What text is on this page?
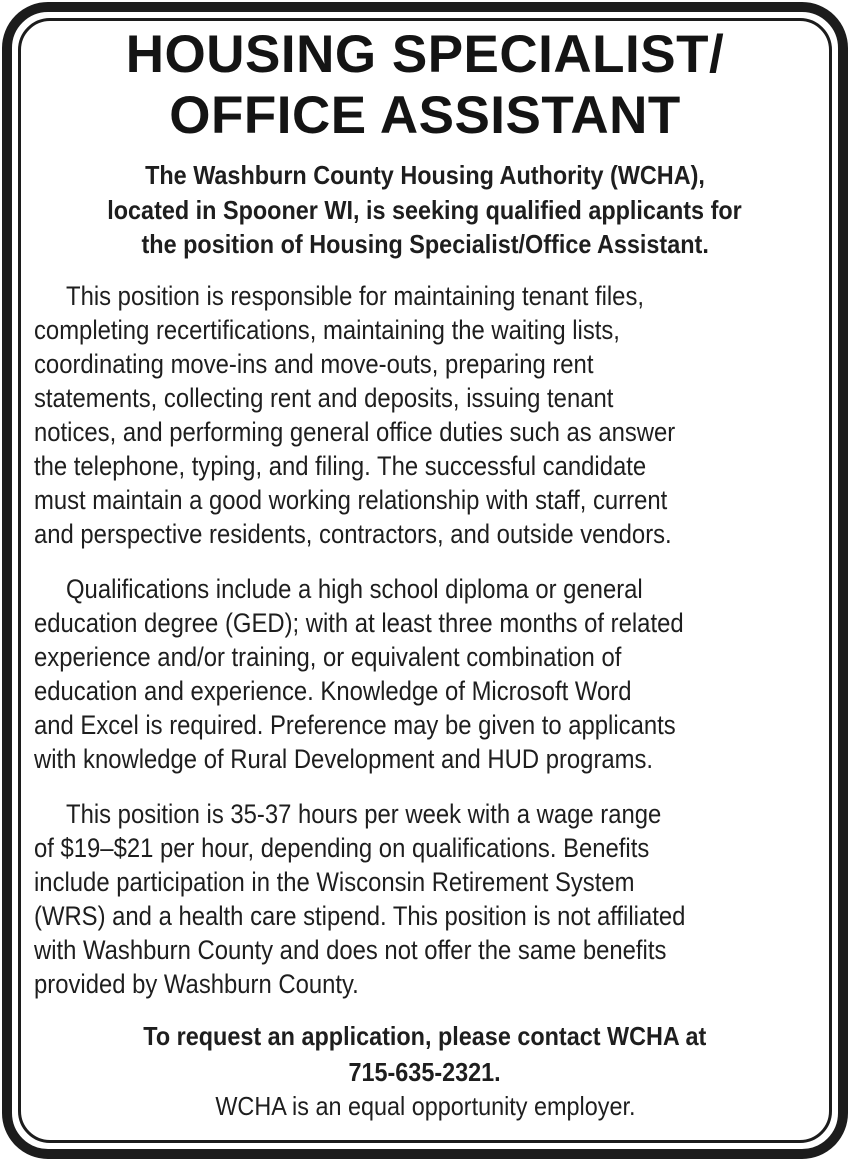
HOUSING SPECIALIST/
OFFICE ASSISTANT
The Washburn County Housing Authority (WCHA),
located in Spooner WI, is seeking qualified applicants for
the position of Housing Specialist/Office Assistant.
This position is responsible for maintaining tenant files,
completing recertifications, maintaining the waiting lists,
coordinating move-ins and move-outs, preparing rent
statements, collecting rent and deposits, issuing tenant
notices, and performing general office duties such as answer
the telephone, typing, and filing. The successful candidate
must maintain a good working relationship with staff, current
and perspective residents, contractors, and outside vendors.
Qualifications include a high school diploma or general
education degree (GED); with at least three months of related
experience and/or training, or equivalent combination of
education and experience. Knowledge of Microsoft Word
and Excel is required. Preference may be given to applicants
with knowledge of Rural Development and HUD programs.
This position is 35-37 hours per week with a wage range
of $19–$21 per hour, depending on qualifications. Benefits
include participation in the Wisconsin Retirement System
(WRS) and a health care stipend. This position is not affiliated
with Washburn County and does not offer the same benefits
provided by Washburn County.
To request an application, please contact WCHA at
715-635-2321.
WCHA is an equal opportunity employer.
